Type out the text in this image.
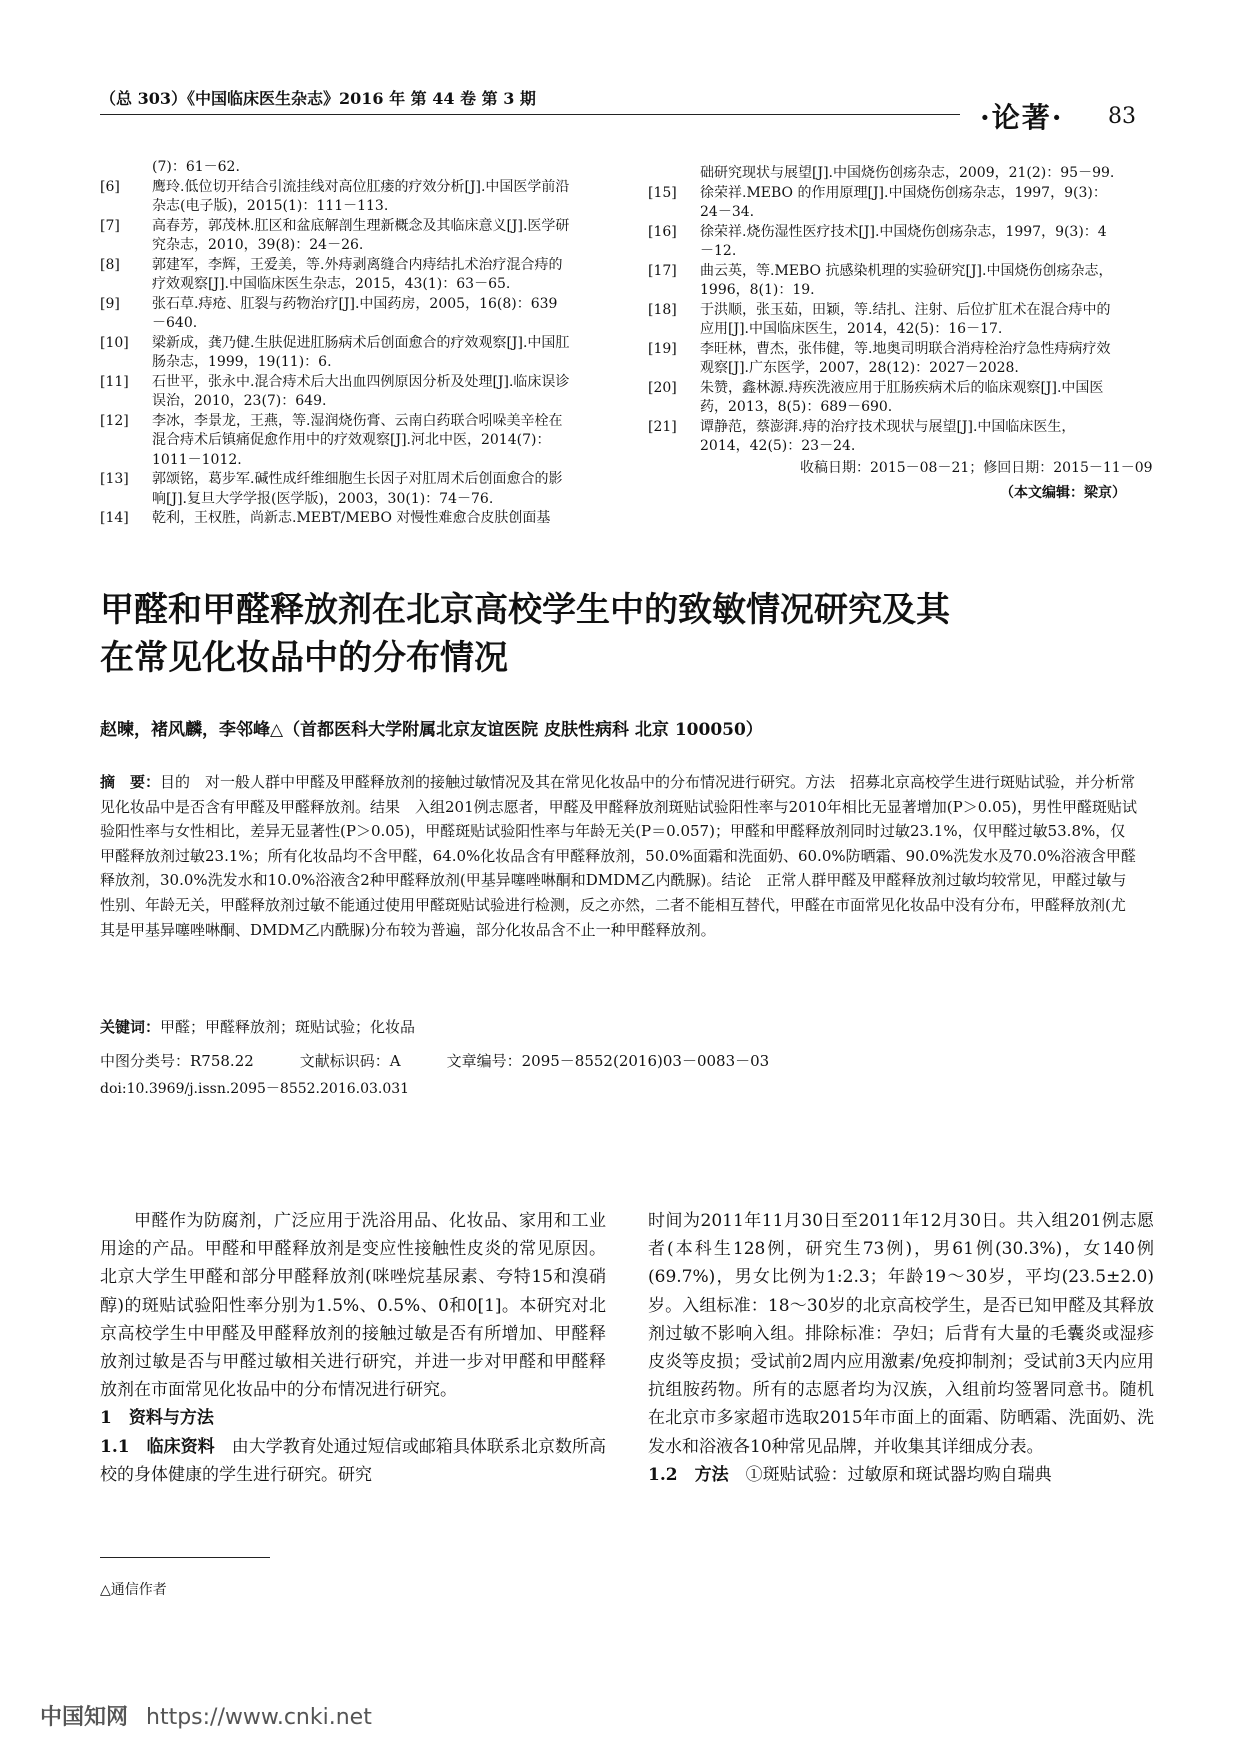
（总 303）《中国临床医生杂志》2016 年 第 44 卷 第 3 期
·论著· 83
(7)：61－62.
[6]	鹰玲.低位切开结合引流挂线对高位肛瘘的疗效分析[J].中国医学前沿杂志(电子版)，2015(1)：111－113.
[7]	高春芳，郭茂林.肛区和盆底解剖生理新概念及其临床意义[J].医学研究杂志，2010，39(8)：24－26.
[8]	郭建军，李辉，王爱美，等.外痔剥离缝合内痔结扎术治疗混合痔的疗效观察[J].中国临床医生杂志，2015，43(1)：63－65.
[9]	张石草.痔疮、肛裂与药物治疗[J].中国药房，2005，16(8)：639－640.
[10]	梁新成，龚乃健.生肤促进肛肠病术后创面愈合的疗效观察[J].中国肛肠杂志，1999，19(11)：6.
[11]	石世平，张永中.混合痔术后大出血四例原因分析及处理[J].临床误诊误治，2010，23(7)：649.
[12]	李冰，李景龙，王燕，等.湿润烧伤膏、云南白药联合吲哚美辛栓在混合痔术后镇痛促愈作用中的疗效观察[J].河北中医，2014(7)：1011－1012.
[13]	郭颂铭，葛步军.碱性成纤维细胞生长因子对肛周术后创面愈合的影响[J].复旦大学学报(医学版)，2003，30(1)：74－76.
[14]	乾利，王权胜，尚新志.MEBT/MEBO 对慢性难愈合皮肤创面基
础研究现状与展望[J].中国烧伤创疡杂志，2009，21(2)：95－99.
[15]	徐荣祥.MEBO 的作用原理[J].中国烧伤创疡杂志，1997，9(3)：24－34.
[16]	徐荣祥.烧伤湿性医疗技术[J].中国烧伤创疡杂志，1997，9(3)：4－12.
[17]	曲云英，等.MEBO 抗感染机理的实验研究[J].中国烧伤创疡杂志，1996，8(1)：19.
[18]	于洪顺，张玉茹，田颖，等.结扎、注射、后位扩肛术在混合痔中的应用[J].中国临床医生，2014，42(5)：16－17.
[19]	李旺林，曹杰，张伟健，等.地奥司明联合消痔栓治疗急性痔病疗效观察[J].广东医学，2007，28(12)：2027－2028.
[20]	朱赞，鑫林源.痔疾洗液应用于肛肠疾病术后的临床观察[J].中国医药，2013，8(5)：689－690.
[21]	谭静范，蔡澎湃.痔的治疗技术现状与展望[J].中国临床医生，2014，42(5)：23－24.
收稿日期：2015－08－21；修回日期：2015－11－09
（本文编辑：梁京）
甲醛和甲醛释放剂在北京高校学生中的致敏情况研究及其在常见化妆品中的分布情况
赵暕，褚风麟，李邻峰△（首都医科大学附属北京友谊医院 皮肤性病科 北京 100050）
摘　要：目的　对一般人群中甲醛及甲醛释放剂的接触过敏情况及其在常见化妆品中的分布情况进行研究。方法　招募北京高校学生进行斑贴试验，并分析常见化妆品中是否含有甲醛及甲醛释放剂。结果　入组201例志愿者，甲醛及甲醛释放剂斑贴试验阳性率与2010年相比无显著增加(P＞0.05)，男性甲醛斑贴试验阳性率与女性相比，差异无显著性(P＞0.05)，甲醛斑贴试验阳性率与年龄无关(P＝0.057)；甲醛和甲醛释放剂同时过敏23.1%，仅甲醛过敏53.8%，仅甲醛释放剂过敏23.1%；所有化妆品均不含甲醛，64.0%化妆品含有甲醛释放剂，50.0%面霜和洗面奶、60.0%防晒霜、90.0%洗发水及70.0%浴液含甲醛释放剂，30.0%洗发水和10.0%浴液含2种甲醛释放剂(甲基异噻唑啉酮和DMDM乙内酰脲)。结论　正常人群甲醛及甲醛释放剂过敏均较常见，甲醛过敏与性别、年龄无关，甲醛释放剂过敏不能通过使用甲醛斑贴试验进行检测，反之亦然，二者不能相互替代，甲醛在市面常见化妆品中没有分布，甲醛释放剂(尤其是甲基异噻唑啉酮、DMDM乙内酰脲)分布较为普遍，部分化妆品含不止一种甲醛释放剂。
关键词：甲醛；甲醛释放剂；斑贴试验；化妆品
中图分类号：R758.22	文献标识码：A	文章编号：2095－8552(2016)03－0083－03
doi:10.3969/j.issn.2095－8552.2016.03.031

甲醛作为防腐剂，广泛应用于洗浴用品、化妆品、家用和工业用途的产品。甲醛和甲醛释放剂是变应性接触性皮炎的常见原因。北京大学生甲醛和部分甲醛释放剂(咪唑烷基尿素、夸特15和溴硝醇)的斑贴试验阳性率分别为1.5%、0.5%、0和0[1]。本研究对北京高校学生中甲醛及甲醛释放剂的接触过敏是否有所增加、甲醛释放剂过敏是否与甲醛过敏相关进行研究，并进一步对甲醛和甲醛释放剂在市面常见化妆品中的分布情况进行研究。

1　资料与方法

1.1　临床资料　 由大学教育处通过短信或邮箱具体联系北京数所高校的身体健康的学生进行研究。研究

时间为2011年11月30日至2011年12月30日。共入组201例志愿者(本科生128例，研究生73例)，男61例(30.3%)，女140例(69.7%)，男女比例为1:2.3；年龄19～30岁，平均(23.5±2.0)岁。入组标准：18～30岁的北京高校学生，是否已知甲醛及其释放剂过敏不影响入组。排除标准：孕妇；后背有大量的毛囊炎或湿疹皮炎等皮损；受试前2周内应用激素/免疫抑制剂；受试前3天内应用抗组胺药物。所有的志愿者均为汉族，入组前均签署同意书。随机在北京市多家超市选取2015年市面上的面霜、防晒霜、洗面奶、洗发水和浴液各10种常见品牌，并收集其详细成分表。

1.2　方法　 ①斑贴试验：过敏原和斑试器均购自瑞典

△通信作者
中国知网 https://www.cnki.net
